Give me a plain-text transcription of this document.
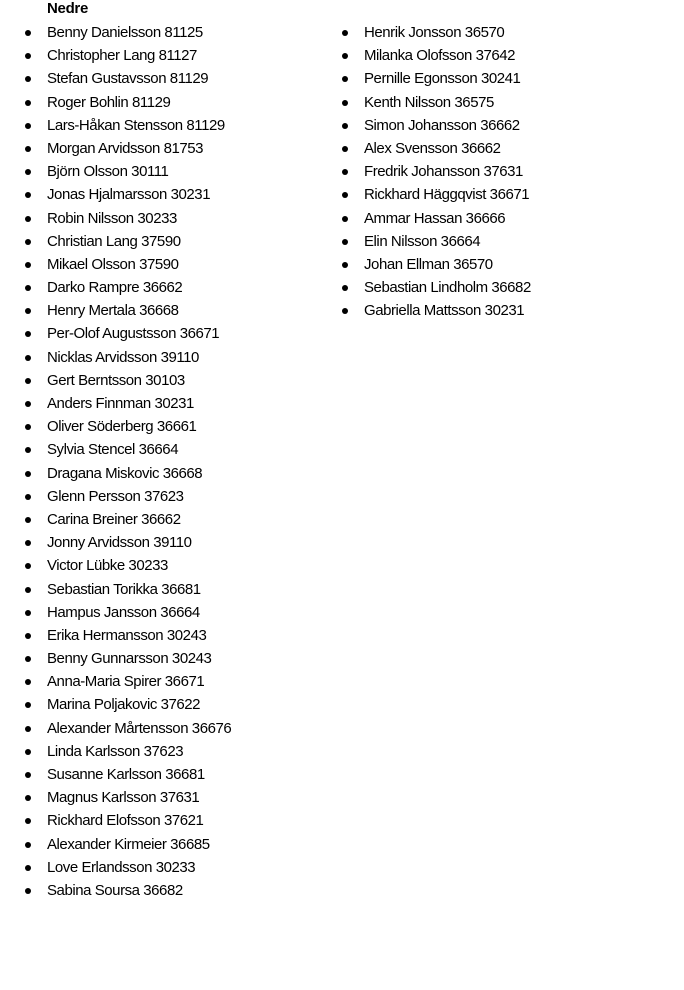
Nedre
Benny Danielsson 81125
Christopher Lang 81127
Stefan Gustavsson 81129
Roger Bohlin 81129
Lars-Håkan Stensson 81129
Morgan Arvidsson 81753
Björn Olsson 30111
Jonas Hjalmarsson 30231
Robin Nilsson 30233
Christian Lang 37590
Mikael Olsson 37590
Darko Rampre 36662
Henry Mertala 36668
Per-Olof Augustsson 36671
Nicklas Arvidsson 39110
Gert Berntsson 30103
Anders Finnman 30231
Oliver Söderberg 36661
Sylvia Stencel 36664
Dragana Miskovic 36668
Glenn Persson 37623
Carina Breiner 36662
Jonny Arvidsson 39110
Victor Lübke 30233
Sebastian Torikka 36681
Hampus Jansson 36664
Erika Hermansson 30243
Benny Gunnarsson 30243
Anna-Maria Spirer 36671
Marina Poljakovic 37622
Alexander Mårtensson 36676
Linda Karlsson 37623
Susanne Karlsson 36681
Magnus Karlsson 37631
Rickhard Elofsson 37621
Alexander Kirmeier 36685
Love Erlandsson 30233
Sabina Soursa 36682
Henrik Jonsson 36570
Milanka Olofsson 37642
Pernille Egonsson 30241
Kenth Nilsson 36575
Simon Johansson 36662
Alex Svensson 36662
Fredrik Johansson 37631
Rickhard Häggqvist 36671
Ammar Hassan 36666
Elin Nilsson 36664
Johan Ellman 36570
Sebastian Lindholm 36682
Gabriella Mattsson 30231
